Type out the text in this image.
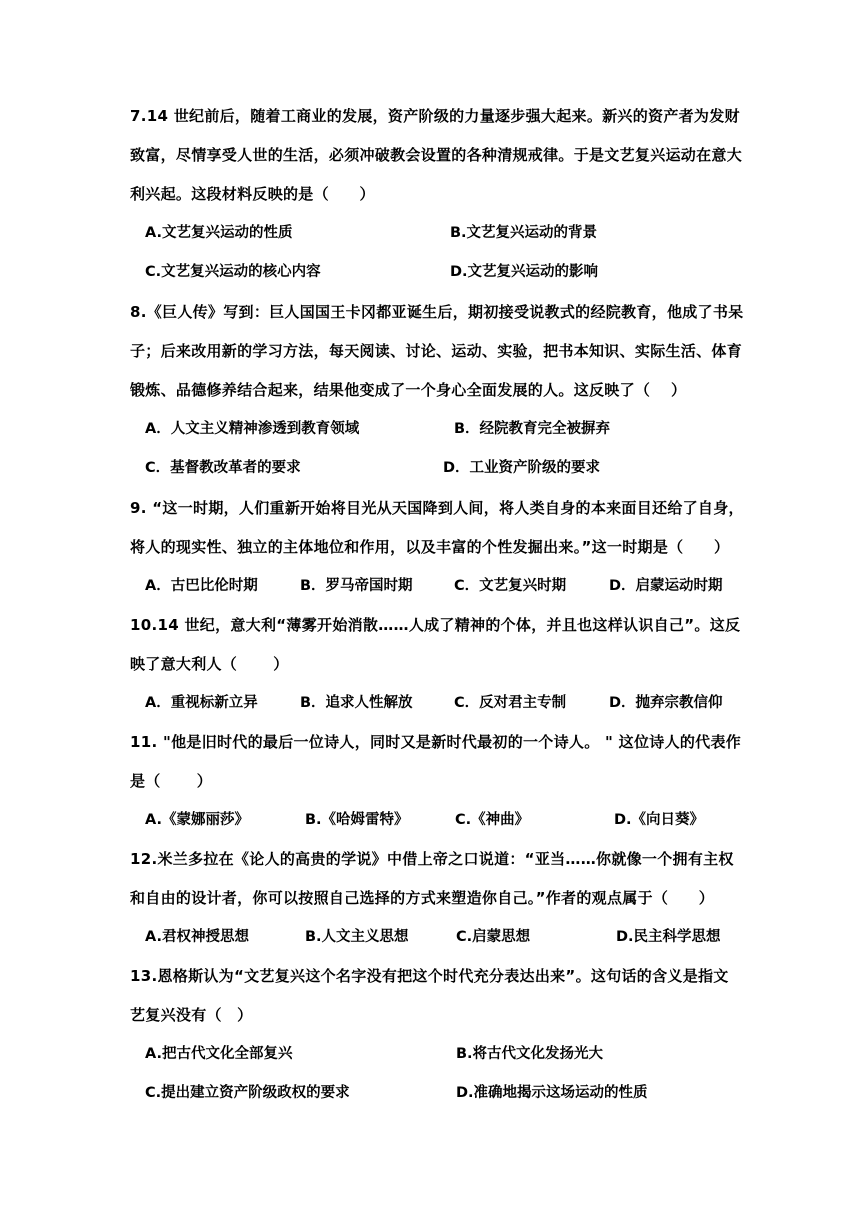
7.14 世纪前后，随着工商业的发展，资产阶级的力量逐步强大起来。新兴的资产者为发财
致富，尽情享受人世的生活，必须冲破教会设置的各种清规戒律。于是文艺复兴运动在意大
利兴起。这段材料反映的是（　　）
A.文艺复兴运动的性质	B.文艺复兴运动的背景
C.文艺复兴运动的核心内容	D.文艺复兴运动的影响
8.《巨人传》写到：巨人国国王卡冈都亚诞生后，期初接受说教式的经院教育，他成了书呆
子；后来改用新的学习方法，每天阅读、讨论、运动、实验，把书本知识、实际生活、体育
锻炼、品德修养结合起来，结果他变成了一个身心全面发展的人。这反映了（　 ）
A．人文主义精神渗透到教育领域	B．经院教育完全被摒弃
C．基督教改革者的要求	D．工业资产阶级的要求
9. “这一时期，人们重新开始将目光从天国降到人间，将人类自身的本来面目还给了自身，
将人的现实性、独立的主体地位和作用，以及丰富的个性发掘出来。”这一时期是（　　）
A．古巴比伦时期	B．罗马帝国时期	C．文艺复兴时期	D．启蒙运动时期
10.14 世纪，意大利“薄雾开始消散……人成了精神的个体，并且也这样认识自己”。这反
映了意大利人（　　 ）
A．重视标新立异	B．追求人性解放	C．反对君主专制	D．抛弃宗教信仰
11. "他是旧时代的最后一位诗人，同时又是新时代最初的一个诗人。 " 这位诗人的代表作
是（　　 ）
A.《蒙娜丽莎》	B.《哈姆雷特》	C.《神曲》	D.《向日葵》
12.米兰多拉在《论人的高贵的学说》中借上帝之口说道：“亚当……你就像一个拥有主权
和自由的设计者，你可以按照自己选择的方式来塑造你自己。”作者的观点属于（　　）
A.君权神授思想	B.人文主义思想	C.启蒙思想	D.民主科学思想
13.恩格斯认为“文艺复兴这个名字没有把这个时代充分表达出来”。这句话的含义是指文
艺复兴没有（　）
A.把古代文化全部复兴	B.将古代文化发扬光大
C.提出建立资产阶级政权的要求	D.准确地揭示这场运动的性质
